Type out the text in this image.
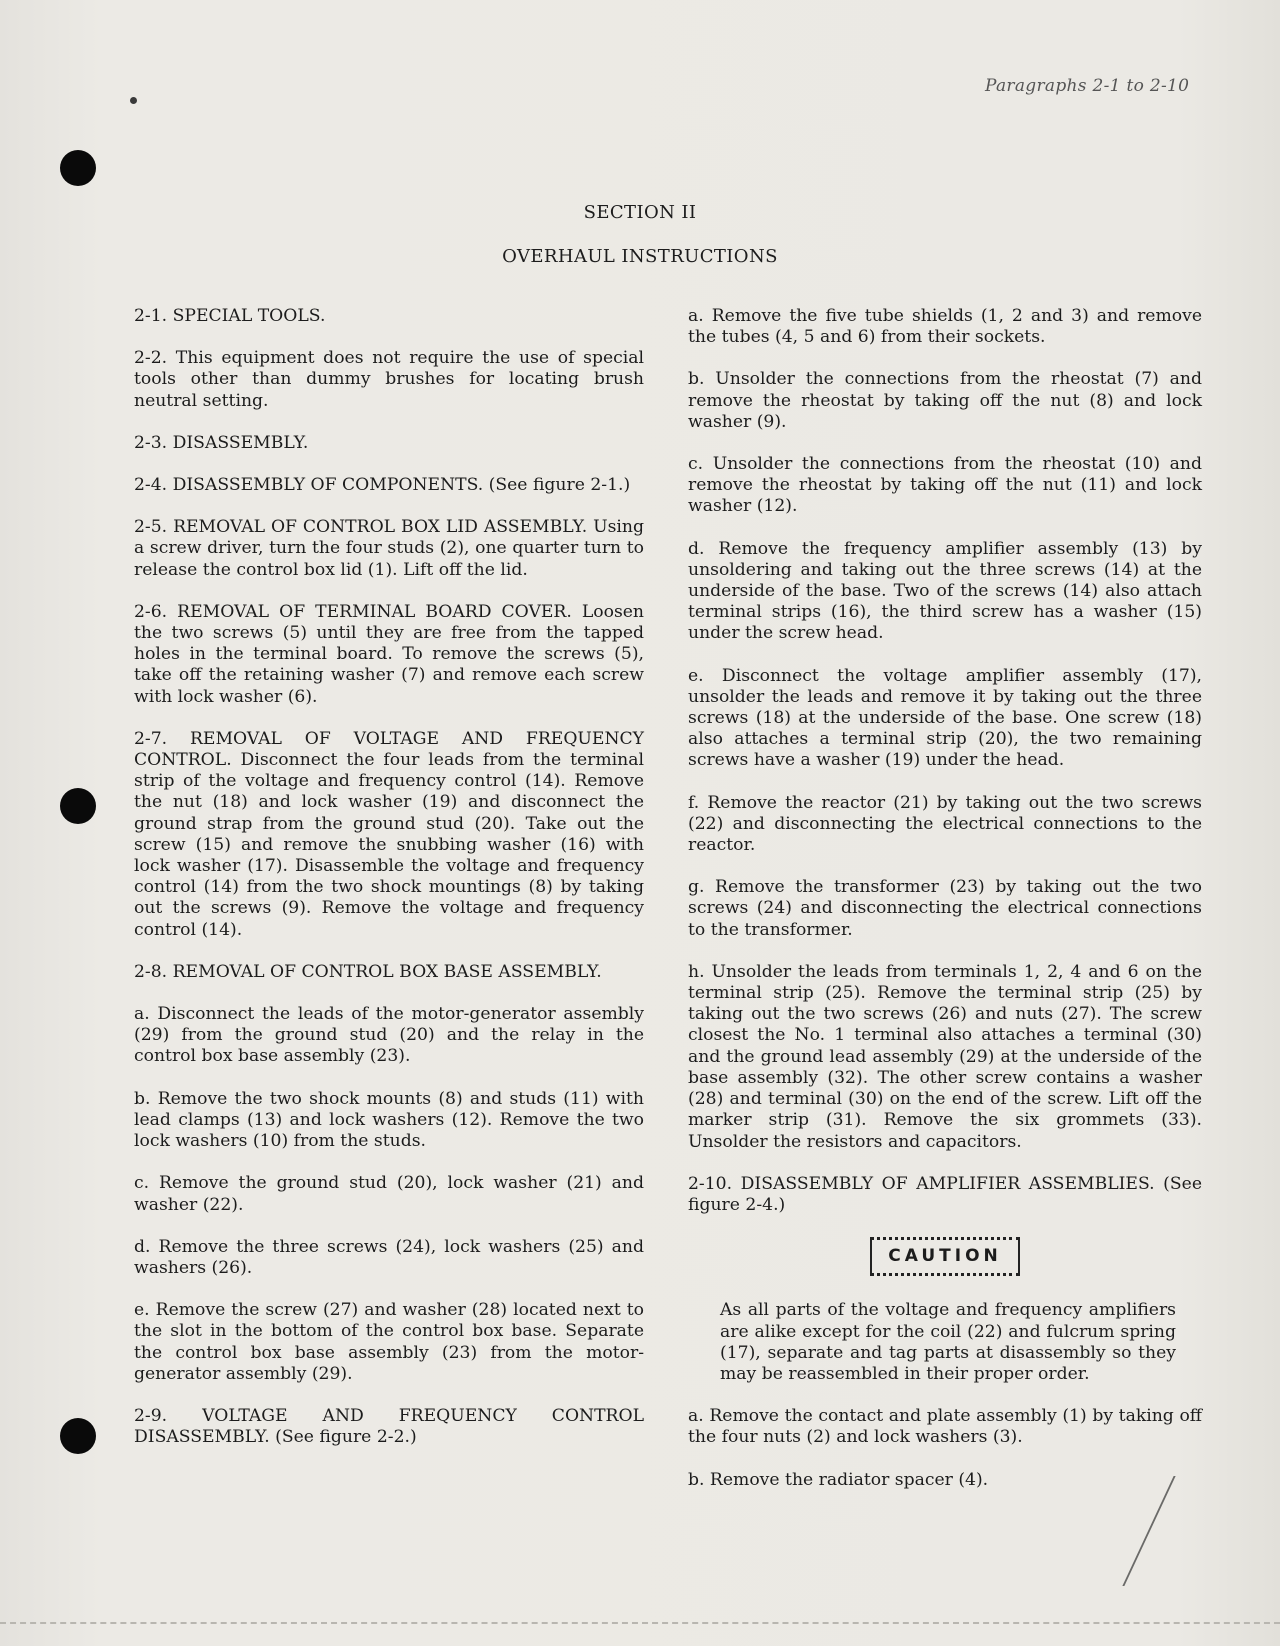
Paragraphs 2-1 to 2-10
SECTION II
OVERHAUL INSTRUCTIONS

2-1. SPECIAL TOOLS.

2-2. This equipment does not require the use of special tools other than dummy brushes for locating brush neutral setting.

2-3. DISASSEMBLY.

2-4. DISASSEMBLY OF COMPONENTS. (See figure 2-1.)

2-5. REMOVAL OF CONTROL BOX LID ASSEMBLY. Using a screw driver, turn the four studs (2), one quarter turn to release the control box lid (1). Lift off the lid.

2-6. REMOVAL OF TERMINAL BOARD COVER. Loosen the two screws (5) until they are free from the tapped holes in the terminal board. To remove the screws (5), take off the retaining washer (7) and remove each screw with lock washer (6).

2-7. REMOVAL OF VOLTAGE AND FREQUENCY CONTROL. Disconnect the four leads from the terminal strip of the voltage and frequency control (14). Remove the nut (18) and lock washer (19) and disconnect the ground strap from the ground stud (20). Take out the screw (15) and remove the snubbing washer (16) with lock washer (17). Disassemble the voltage and frequency control (14) from the two shock mountings (8) by taking out the screws (9). Remove the voltage and frequency control (14).

2-8. REMOVAL OF CONTROL BOX BASE ASSEMBLY.

a. Disconnect the leads of the motor-generator assembly (29) from the ground stud (20) and the relay in the control box base assembly (23).

b. Remove the two shock mounts (8) and studs (11) with lead clamps (13) and lock washers (12). Remove the two lock washers (10) from the studs.

c. Remove the ground stud (20), lock washer (21) and washer (22).

d. Remove the three screws (24), lock washers (25) and washers (26).

e. Remove the screw (27) and washer (28) located next to the slot in the bottom of the control box base. Separate the control box base assembly (23) from the motor-generator assembly (29).

2-9. VOLTAGE AND FREQUENCY CONTROL DISASSEMBLY. (See figure 2-2.)

a. Remove the five tube shields (1, 2 and 3) and remove the tubes (4, 5 and 6) from their sockets.

b. Unsolder the connections from the rheostat (7) and remove the rheostat by taking off the nut (8) and lock washer (9).

c. Unsolder the connections from the rheostat (10) and remove the rheostat by taking off the nut (11) and lock washer (12).

d. Remove the frequency amplifier assembly (13) by unsoldering and taking out the three screws (14) at the underside of the base. Two of the screws (14) also attach terminal strips (16), the third screw has a washer (15) under the screw head.

e. Disconnect the voltage amplifier assembly (17), unsolder the leads and remove it by taking out the three screws (18) at the underside of the base. One screw (18) also attaches a terminal strip (20), the two remaining screws have a washer (19) under the head.

f. Remove the reactor (21) by taking out the two screws (22) and disconnecting the electrical connections to the reactor.

g. Remove the transformer (23) by taking out the two screws (24) and disconnecting the electrical connections to the transformer.

h. Unsolder the leads from terminals 1, 2, 4 and 6 on the terminal strip (25). Remove the terminal strip (25) by taking out the two screws (26) and nuts (27). The screw closest the No. 1 terminal also attaches a terminal (30) and the ground lead assembly (29) at the underside of the base assembly (32). The other screw contains a washer (28) and terminal (30) on the end of the screw. Lift off the marker strip (31). Remove the six grommets (33). Unsolder the resistors and capacitors.

2-10. DISASSEMBLY OF AMPLIFIER ASSEMBLIES. (See figure 2-4.)

CAUTION

As all parts of the voltage and frequency amplifiers are alike except for the coil (22) and fulcrum spring (17), separate and tag parts at disassembly so they may be reassembled in their proper order.

a. Remove the contact and plate assembly (1) by taking off the four nuts (2) and lock washers (3).

b. Remove the radiator spacer (4).
